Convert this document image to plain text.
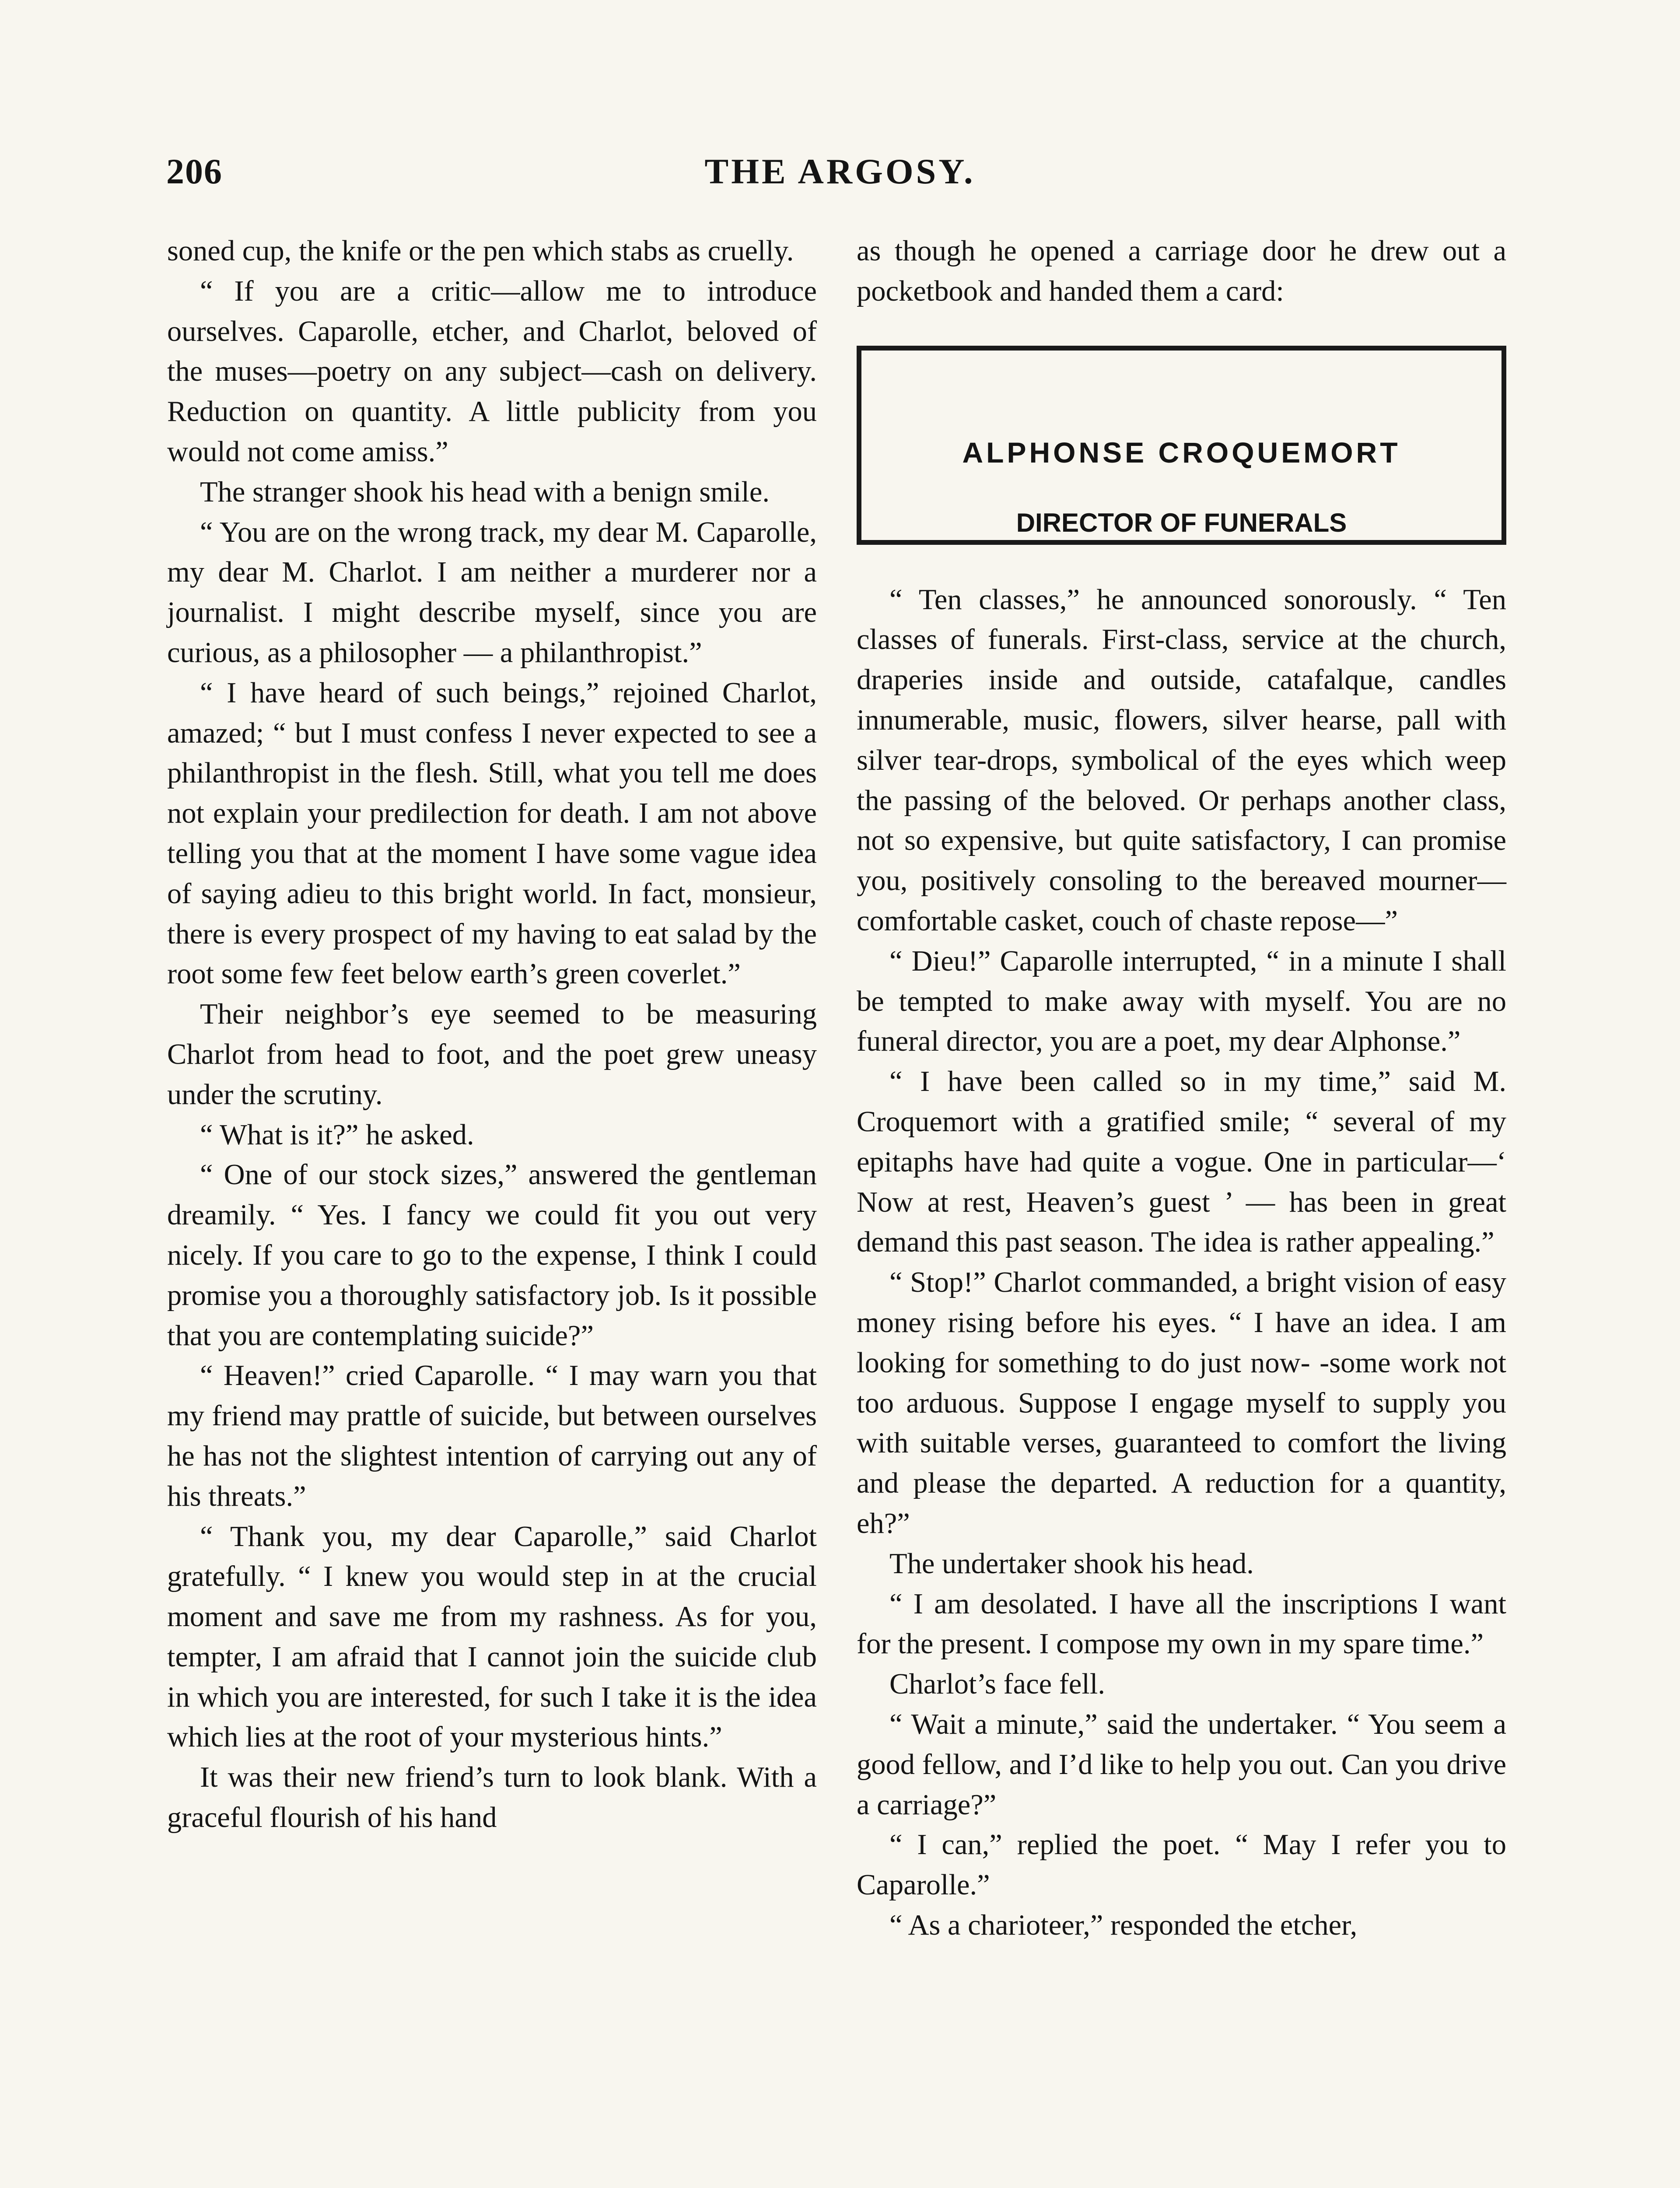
206	THE ARGOSY.

soned cup, the knife or the pen which stabs as cruelly.

“ If you are a critic—allow me to introduce ourselves. Caparolle, etcher, and Charlot, beloved of the muses—poetry on any subject—cash on delivery. Reduction on quantity. A little publicity from you would not come amiss.”

The stranger shook his head with a benign smile.

“ You are on the wrong track, my dear M. Caparolle, my dear M. Charlot. I am neither a murderer nor a journalist. I might describe myself, since you are curious, as a philosopher — a philanthropist.”

“ I have heard of such beings,” rejoined Charlot, amazed; “ but I must confess I never expected to see a philanthropist in the flesh. Still, what you tell me does not explain your predilection for death. I am not above telling you that at the moment I have some vague idea of saying adieu to this bright world. In fact, monsieur, there is every prospect of my having to eat salad by the root some few feet below earth’s green coverlet.”

Their neighbor’s eye seemed to be measuring Charlot from head to foot, and the poet grew uneasy under the scrutiny.

“ What is it?” he asked.

“ One of our stock sizes,” answered the gentleman dreamily. “ Yes. I fancy we could fit you out very nicely. If you care to go to the expense, I think I could promise you a thoroughly satisfactory job. Is it possible that you are contemplating suicide?”

“ Heaven!” cried Caparolle. “ I may warn you that my friend may prattle of suicide, but between ourselves he has not the slightest intention of carrying out any of his threats.”

“ Thank you, my dear Caparolle,” said Charlot gratefully. “ I knew you would step in at the crucial moment and save me from my rashness. As for you, tempter, I am afraid that I cannot join the suicide club in which you are interested, for such I take it is the idea which lies at the root of your mysterious hints.”

It was their new friend’s turn to look blank. With a graceful flourish of his hand

as though he opened a carriage door he drew out a pocketbook and handed them a card:

ALPHONSE CROQUEMORT
DIRECTOR OF FUNERALS

“ Ten classes,” he announced sonorously. “ Ten classes of funerals. First-class, service at the church, draperies inside and outside, catafalque, candles innumerable, music, flowers, silver hearse, pall with silver tear-drops, symbolical of the eyes which weep the passing of the beloved. Or perhaps another class, not so expensive, but quite satisfactory, I can promise you, positively consoling to the bereaved mourner—comfortable casket, couch of chaste repose—”

“ Dieu!” Caparolle interrupted, “ in a minute I shall be tempted to make away with myself. You are no funeral director, you are a poet, my dear Alphonse.”

“ I have been called so in my time,” said M. Croquemort with a gratified smile; “ several of my epitaphs have had quite a vogue. One in particular—‘ Now at rest, Heaven’s guest ’ — has been in great demand this past season. The idea is rather appealing.”

“ Stop!” Charlot commanded, a bright vision of easy money rising before his eyes. “ I have an idea. I am looking for something to do just now- -some work not too arduous. Suppose I engage myself to supply you with suitable verses, guaranteed to comfort the living and please the departed. A reduction for a quantity, eh?”

The undertaker shook his head.

“ I am desolated. I have all the inscriptions I want for the present. I compose my own in my spare time.”

Charlot’s face fell.

“ Wait a minute,” said the undertaker. “ You seem a good fellow, and I’d like to help you out. Can you drive a carriage?”

“ I can,” replied the poet. “ May I refer you to Caparolle.”

“ As a charioteer,” responded the etcher,
